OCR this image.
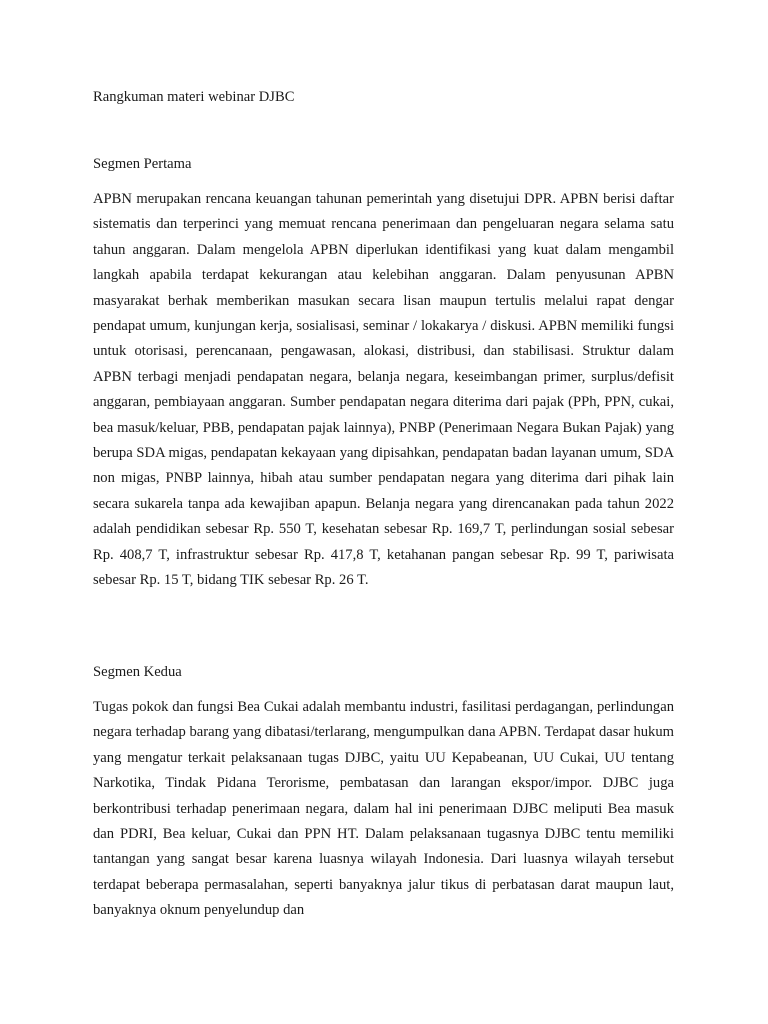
Rangkuman materi webinar DJBC

Segmen Pertama

APBN merupakan rencana keuangan tahunan pemerintah yang disetujui DPR. APBN berisi daftar sistematis dan terperinci yang memuat rencana penerimaan dan pengeluaran negara selama satu tahun anggaran. Dalam mengelola APBN diperlukan identifikasi yang kuat dalam mengambil langkah apabila terdapat kekurangan atau kelebihan anggaran. Dalam penyusunan APBN masyarakat berhak memberikan masukan secara lisan maupun tertulis melalui rapat dengar pendapat umum, kunjungan kerja, sosialisasi, seminar / lokakarya / diskusi. APBN memiliki fungsi untuk otorisasi, perencanaan, pengawasan, alokasi, distribusi, dan stabilisasi. Struktur dalam APBN terbagi menjadi pendapatan negara, belanja negara, keseimbangan primer, surplus/defisit anggaran, pembiayaan anggaran. Sumber pendapatan negara diterima dari pajak (PPh, PPN, cukai, bea masuk/keluar, PBB, pendapatan pajak lainnya), PNBP (Penerimaan Negara Bukan Pajak) yang berupa SDA migas, pendapatan kekayaan yang dipisahkan, pendapatan badan layanan umum, SDA non migas, PNBP lainnya, hibah atau sumber pendapatan negara yang diterima dari pihak lain secara sukarela tanpa ada kewajiban apapun. Belanja negara yang direncanakan pada tahun 2022 adalah pendidikan sebesar Rp. 550 T, kesehatan sebesar Rp. 169,7 T, perlindungan sosial sebesar Rp. 408,7 T, infrastruktur sebesar Rp. 417,8 T, ketahanan pangan sebesar Rp. 99 T, pariwisata sebesar Rp. 15 T, bidang TIK sebesar Rp. 26 T.

Segmen Kedua

Tugas pokok dan fungsi Bea Cukai adalah membantu industri, fasilitasi perdagangan, perlindungan negara terhadap barang yang dibatasi/terlarang, mengumpulkan dana APBN. Terdapat dasar hukum yang mengatur terkait pelaksanaan tugas DJBC, yaitu UU Kepabeanan, UU Cukai, UU tentang Narkotika, Tindak Pidana Terorisme, pembatasan dan larangan ekspor/impor. DJBC juga berkontribusi terhadap penerimaan negara, dalam hal ini penerimaan DJBC meliputi Bea masuk dan PDRI, Bea keluar, Cukai dan PPN HT. Dalam pelaksanaan tugasnya DJBC tentu memiliki tantangan yang sangat besar karena luasnya wilayah Indonesia. Dari luasnya wilayah tersebut terdapat beberapa permasalahan, seperti banyaknya jalur tikus di perbatasan darat maupun laut, banyaknya oknum penyelundup dan
